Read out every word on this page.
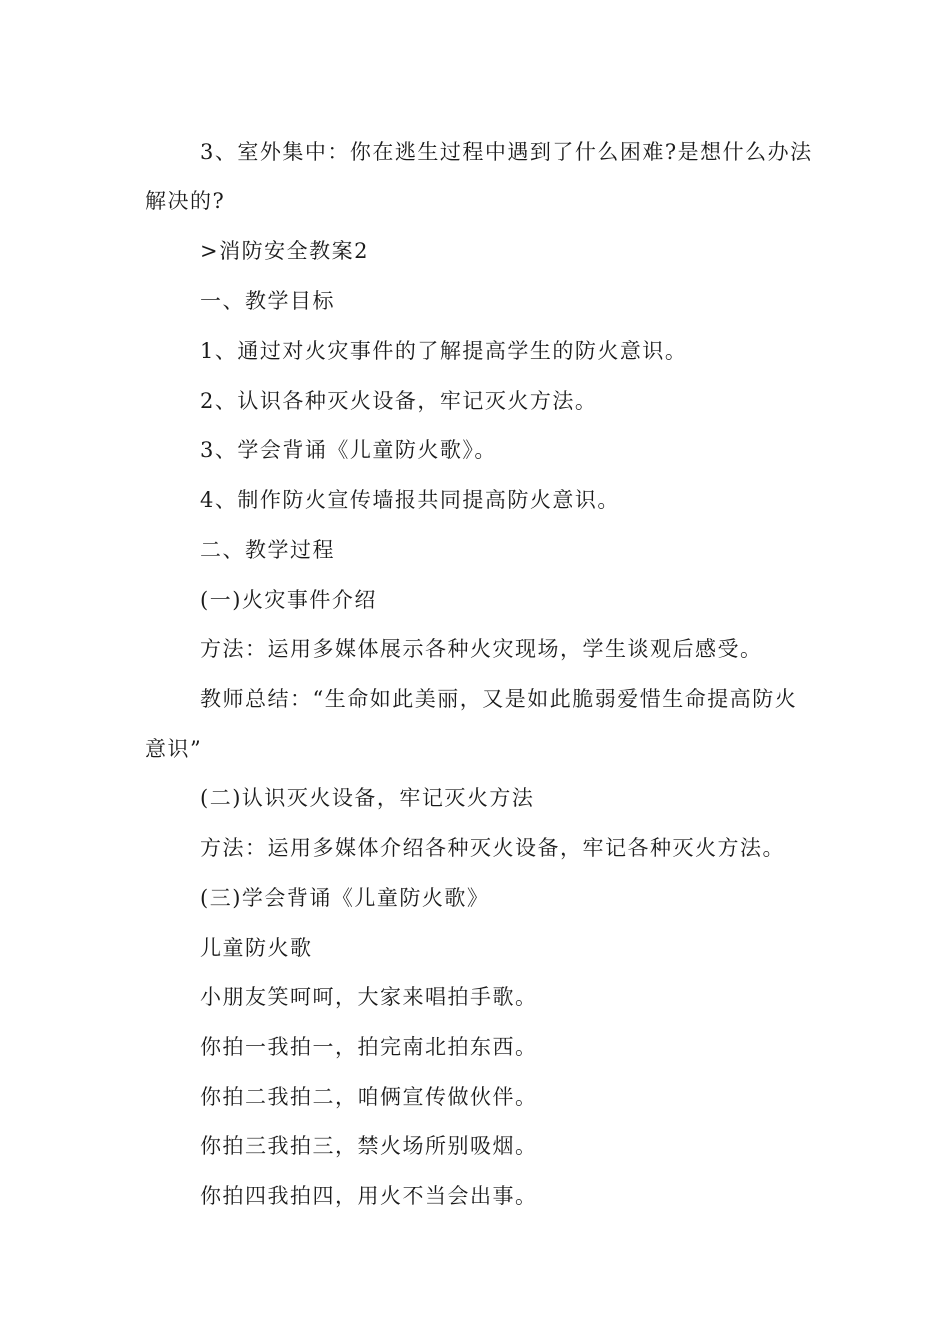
3、室外集中：你在逃生过程中遇到了什么困难?是想什么办法
解决的?
>消防安全教案2
一、教学目标
1、通过对火灾事件的了解提高学生的防火意识。
2、认识各种灭火设备，牢记灭火方法。
3、学会背诵《儿童防火歌》。
4、制作防火宣传墙报共同提高防火意识。
二、教学过程
(一)火灾事件介绍
方法：运用多媒体展示各种火灾现场，学生谈观后感受。
教师总结：“生命如此美丽，又是如此脆弱爱惜生命提高防火
意识”
(二)认识灭火设备，牢记灭火方法
方法：运用多媒体介绍各种灭火设备，牢记各种灭火方法。
(三)学会背诵《儿童防火歌》
儿童防火歌
小朋友笑呵呵，大家来唱拍手歌。
你拍一我拍一，拍完南北拍东西。
你拍二我拍二，咱俩宣传做伙伴。
你拍三我拍三，禁火场所别吸烟。
你拍四我拍四，用火不当会出事。
